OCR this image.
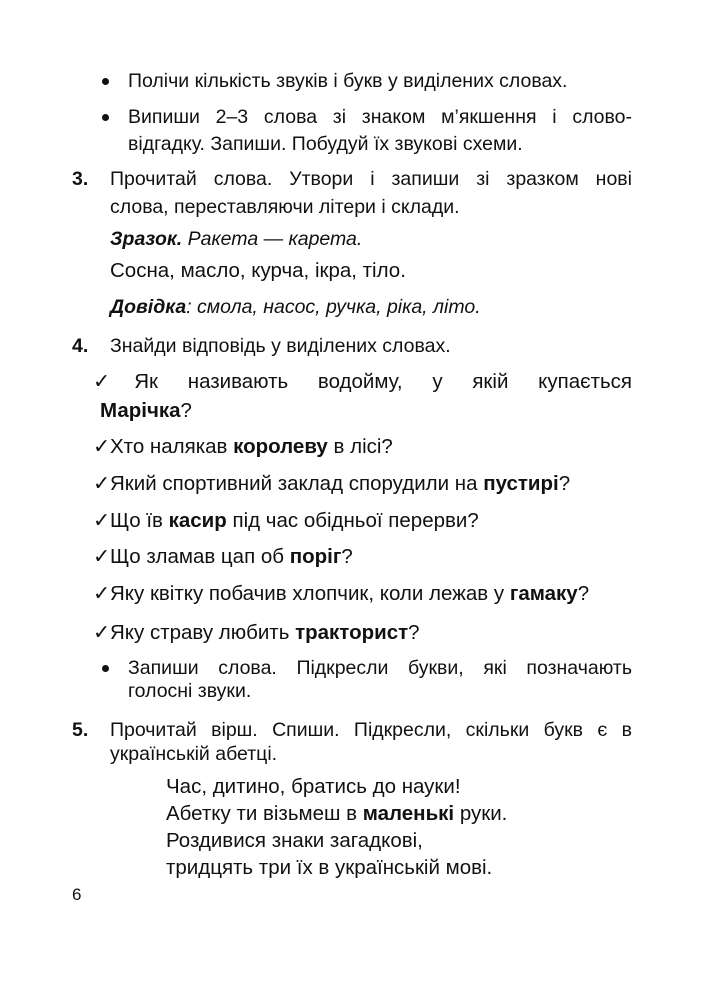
Полічи кількість звуків і букв у виділених словах.
Випиши 2–3 слова зі знаком м’якшення і слово-
відгадку. Запиши. Побудуй їх звукові схеми.
3. Прочитай слова. Утвори і запиши зі зразком нові
слова, переставляючи літери і склади.
Зразок. Ракета — карета.
Сосна, масло, курча, ікра, тіло.
Довідка: смола, насос, ручка, ріка, літо.
4. Знайди відповідь у виділених словах.
✓Як називають водойму, у якій купається
Марічка?
✓Хто налякав королеву в лісі?
✓Який спортивний заклад спорудили на пустирі?
✓Що їв касир під час обідньої перерви?
✓Що зламав цап об поріг?
✓Яку квітку побачив хлопчик, коли лежав у гамаку?
✓Яку страву любить тракторист?
Запиши слова. Підкресли букви, які позначають
голосні звуки.
5. Прочитай вірш. Спиши. Підкресли, скільки букв є в
українській абетці.
Час, дитино, братись до науки!
Абетку ти візьмеш в маленькі руки.
Роздивися знаки загадкові,
тридцять три їх в українській мові.
6
